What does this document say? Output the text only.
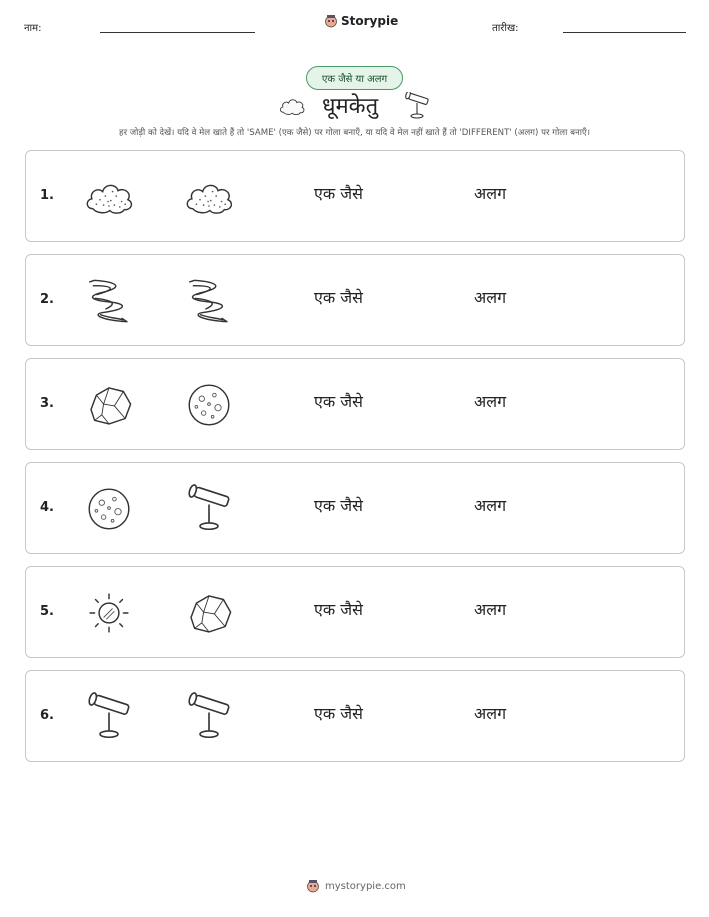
नाम:
Storypie
तारीख:
एक जैसे या अलग
धूमकेतु
हर जोड़ी को देखें। यदि वे मेल खाते हैं तो 'SAME' (एक जैसे) पर गोला बनाएँ, या यदि वे मेल नहीं खाते हैं तो 'DIFFERENT' (अलग) पर गोला बनाएँ।
1.	एक जैसे	अलग
2.	एक जैसे	अलग
3.	एक जैसे	अलग
4.	एक जैसे	अलग
5.	एक जैसे	अलग
6.	एक जैसे	अलग
mystorypie.com
